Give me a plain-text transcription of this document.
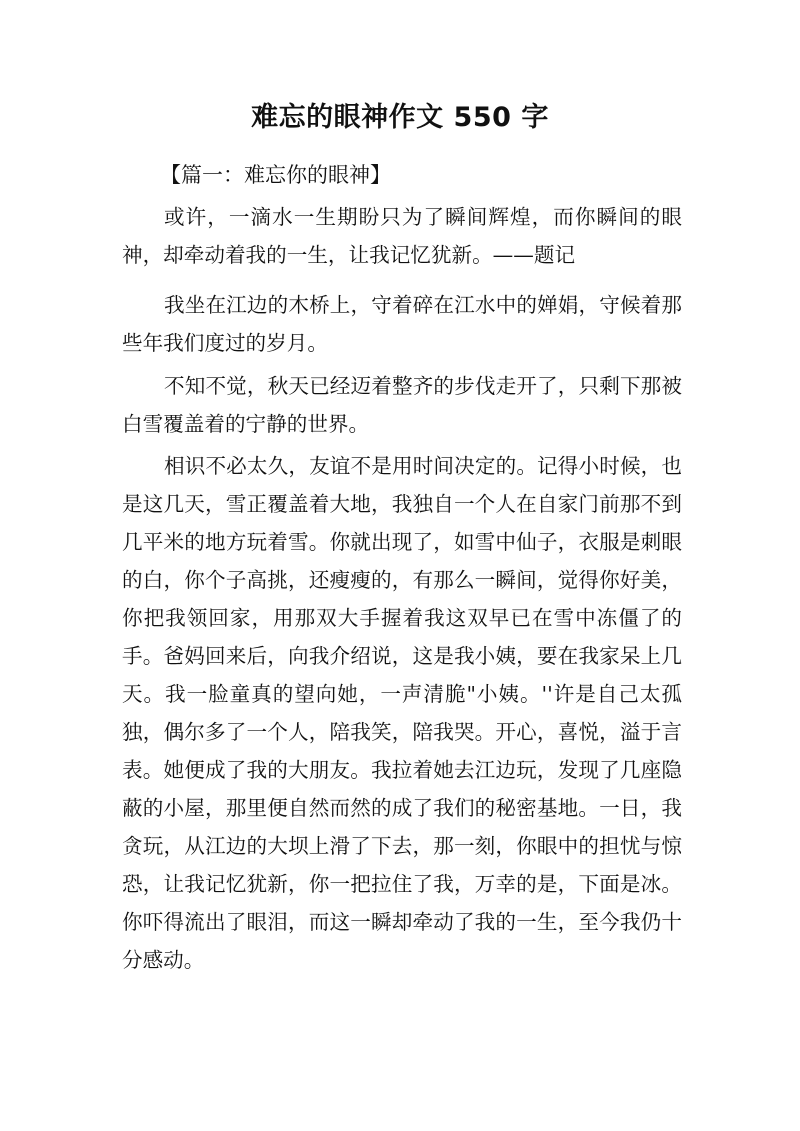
难忘的眼神作文 550 字
【篇一：难忘你的眼神】

或许，一滴水一生期盼只为了瞬间辉煌，而你瞬间的眼神，却牵动着我的一生，让我记忆犹新。——题记

我坐在江边的木桥上，守着碎在江水中的婵娟，守候着那些年我们度过的岁月。

不知不觉，秋天已经迈着整齐的步伐走开了，只剩下那被白雪覆盖着的宁静的世界。

相识不必太久，友谊不是用时间决定的。记得小时候，也是这几天，雪正覆盖着大地，我独自一个人在自家门前那不到几平米的地方玩着雪。你就出现了，如雪中仙子，衣服是刺眼的白，你个子高挑，还瘦瘦的，有那么一瞬间，觉得你好美，你把我领回家，用那双大手握着我这双早已在雪中冻僵了的手。爸妈回来后，向我介绍说，这是我小姨，要在我家呆上几天。我一脸童真的望向她，一声清脆"小姨。''许是自己太孤独，偶尔多了一个人，陪我笑，陪我哭。开心，喜悦，溢于言表。她便成了我的大朋友。我拉着她去江边玩，发现了几座隐蔽的小屋，那里便自然而然的成了我们的秘密基地。一日，我贪玩，从江边的大坝上滑了下去，那一刻，你眼中的担忧与惊恐，让我记忆犹新，你一把拉住了我，万幸的是，下面是冰。你吓得流出了眼泪，而这一瞬却牵动了我的一生，至今我仍十分感动。
